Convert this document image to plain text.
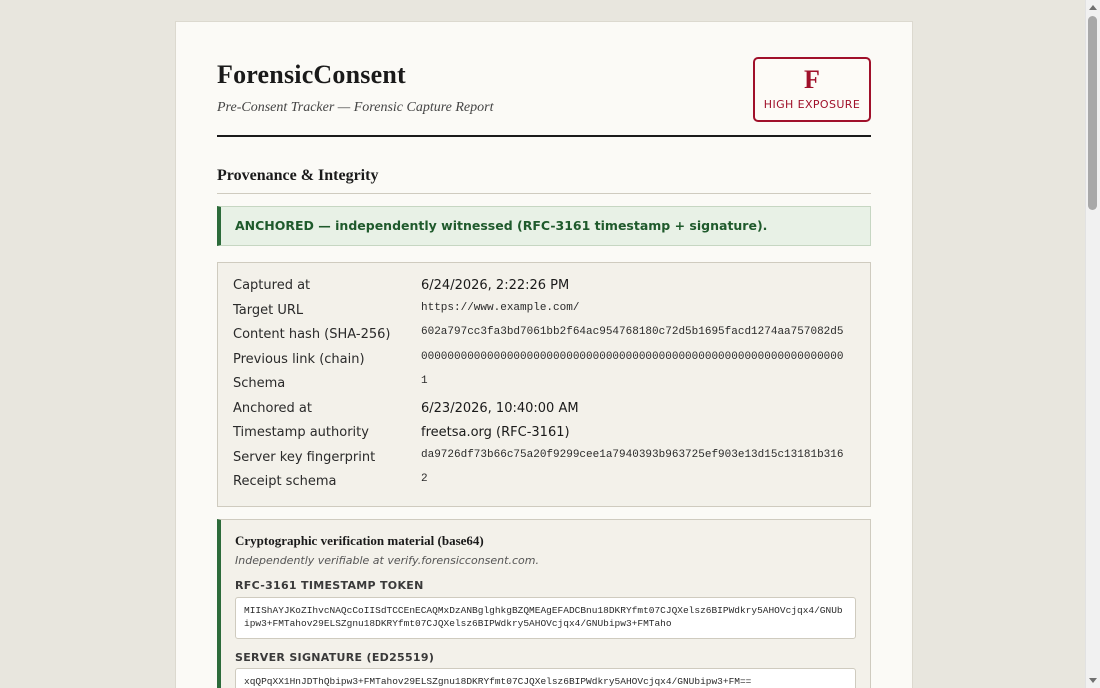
ForensicConsent
Pre-Consent Tracker — Forensic Capture Report
F
HIGH EXPOSURE
Provenance & Integrity
ANCHORED — independently witnessed (RFC-3161 timestamp + signature).
Captured at	6/24/2026, 2:22:26 PM
Target URL	https://www.example.com/
Content hash (SHA-256)	602a797cc3fa3bd7061bb2f64ac954768180c72d5b1695facd1274aa757082d5
Previous link (chain)	0000000000000000000000000000000000000000000000000000000000000000
Schema	1
Anchored at	6/23/2026, 10:40:00 AM
Timestamp authority	freetsa.org (RFC-3161)
Server key fingerprint	da9726df73b66c75a20f9299cee1a7940393b963725ef903e13d15c13181b316
Receipt schema	2
Cryptographic verification material (base64)
Independently verifiable at verify.forensicconsent.com.
RFC-3161 TIMESTAMP TOKEN
MIIShAYJKoZIhvcNAQcCoIISdTCCEnECAQMxDzANBglghkgBZQMEAgEFADCBnu18DKRYfmt07CJQXelsz6BIPWdkry5AHOVcjqx4/GNUbipw3+FMTahov29ELSZgnu18DKRYfmt07CJQXelsz6BIPWdkry5AHOVcjqx4/GNUbipw3+FMTaho
SERVER SIGNATURE (ED25519)
xqQPqXX1HnJDThQbipw3+FMTahov29ELSZgnu18DKRYfmt07CJQXelsz6BIPWdkry5AHOVcjqx4/GNUbipw3+FM==
